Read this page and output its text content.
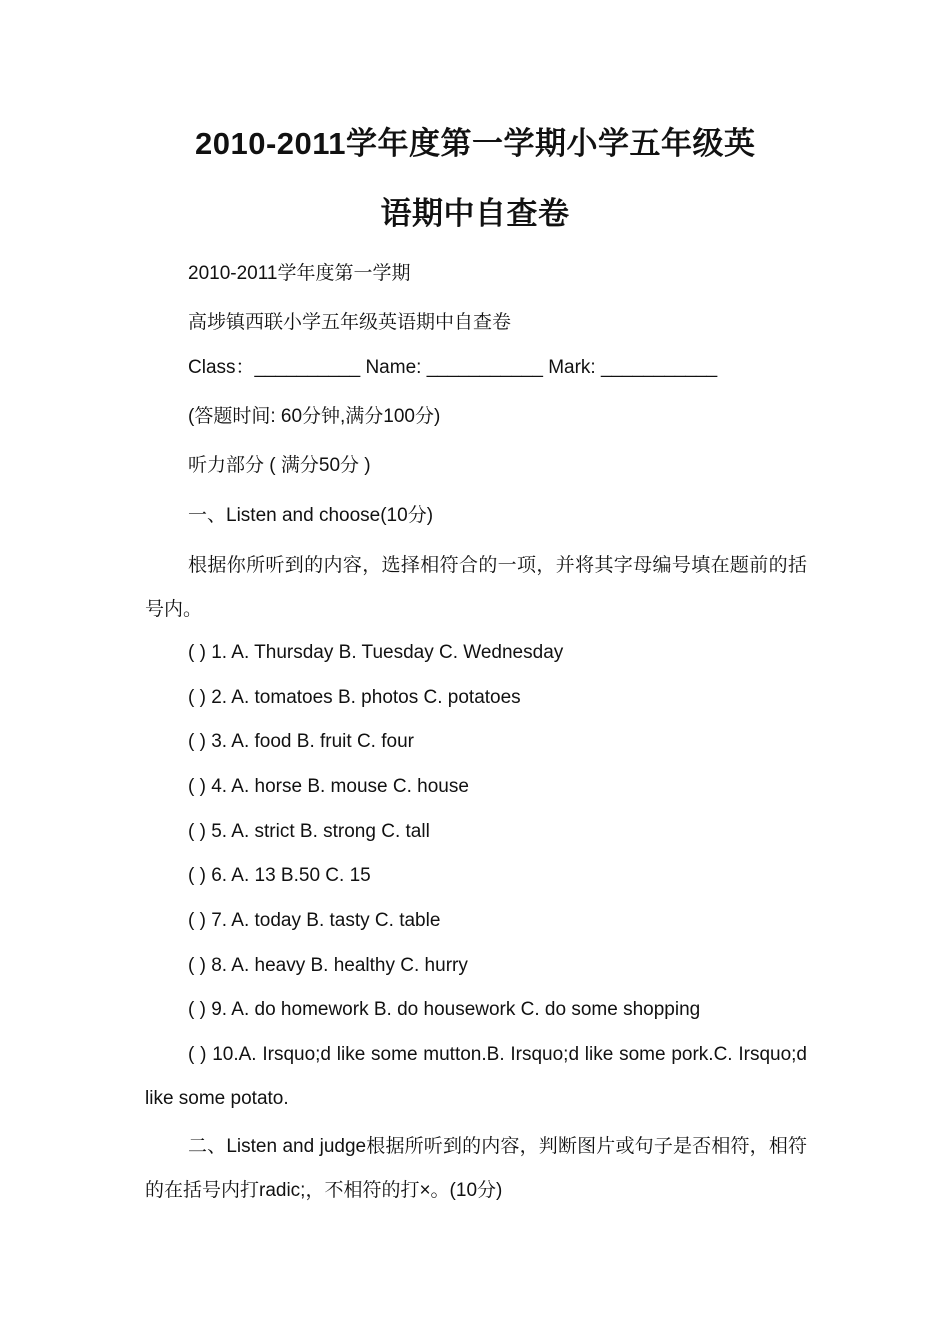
2010-2011学年度第一学期小学五年级英
语期中自查卷
2010-2011学年度第一学期
高埗镇西联小学五年级英语期中自查卷
Class：__________ Name: ___________ Mark: ___________
(答题时间: 60分钟,满分100分)
听力部分 ( 满分50分 )
一、Listen and choose(10分)
根据你所听到的内容，选择相符合的一项，并将其字母编号填在题前的括号内。
( ) 1. A. Thursday B. Tuesday C. Wednesday
( ) 2. A. tomatoes B. photos C. potatoes
( ) 3. A. food B. fruit C. four
( ) 4. A. horse B. mouse C. house
( ) 5. A. strict B. strong C. tall
( ) 6. A. 13 B.50 C. 15
( ) 7. A. today B. tasty C. table
( ) 8. A. heavy B. healthy C. hurry
( ) 9. A. do homework B. do housework C. do some shopping
( ) 10.A. Irsquo;d like some mutton.B. Irsquo;d like some pork.C. Irsquo;d like some potato.
二、Listen and judge根据所听到的内容，判断图片或句子是否相符，相符的在括号内打radic;，不相符的打×。(10分)
